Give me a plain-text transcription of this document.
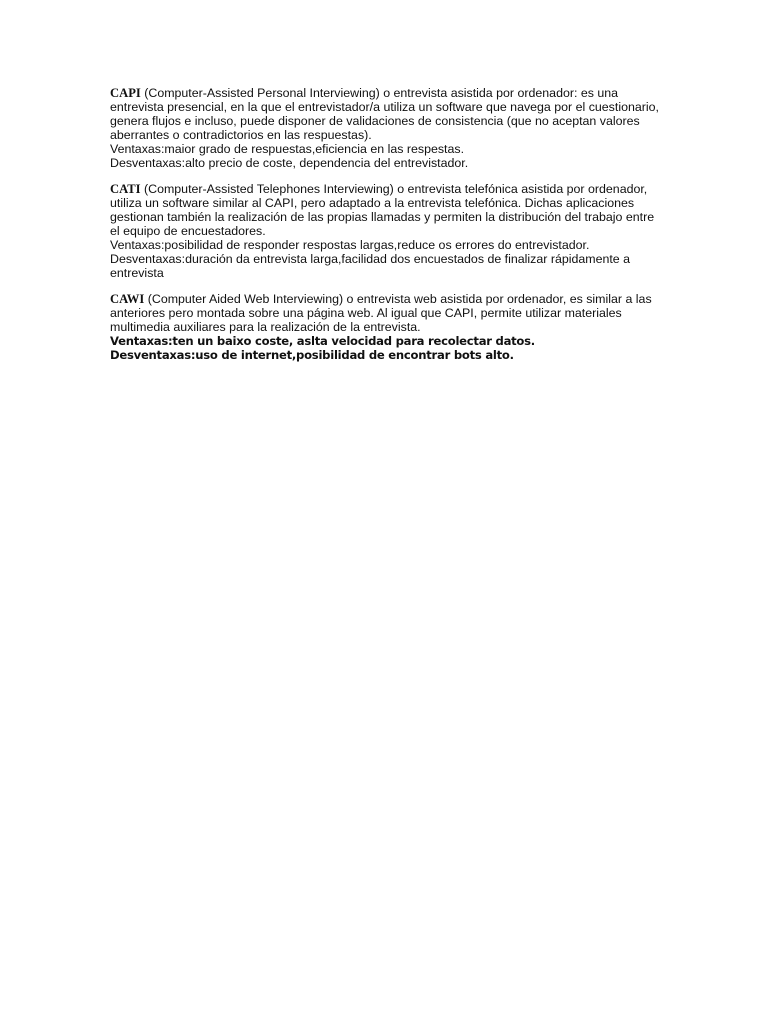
CAPI (Computer-Assisted Personal Interviewing) o entrevista asistida por ordenador: es una entrevista presencial, en la que el entrevistador/a utiliza un software que navega por el cuestionario, genera flujos e incluso, puede disponer de validaciones de consistencia (que no aceptan valores aberrantes o contradictorios en las respuestas).

Ventaxas:maior grado de respuestas,eficiencia en las respestas.

Desventaxas:alto precio de coste, dependencia del entrevistador.

CATI (Computer-Assisted Telephones Interviewing) o entrevista telefónica asistida por ordenador, utiliza un software similar al CAPI, pero adaptado a la entrevista telefónica. Dichas aplicaciones gestionan también la realización de las propias llamadas y permiten la distribución del trabajo entre el equipo de encuestadores.

Ventaxas:posibilidad de responder respostas largas,reduce os errores do entrevistador.

Desventaxas:duración da entrevista larga,facilidad dos encuestados de finalizar rápidamente a entrevista

CAWI (Computer Aided Web Interviewing) o entrevista web asistida por ordenador, es similar a las anteriores pero montada sobre una página web. Al igual que CAPI, permite utilizar materiales multimedia auxiliares para la realización de la entrevista.

Ventaxas:ten un baixo coste, aslta velocidad para recolectar datos.

Desventaxas:uso de internet,posibilidad de encontrar bots alto.
